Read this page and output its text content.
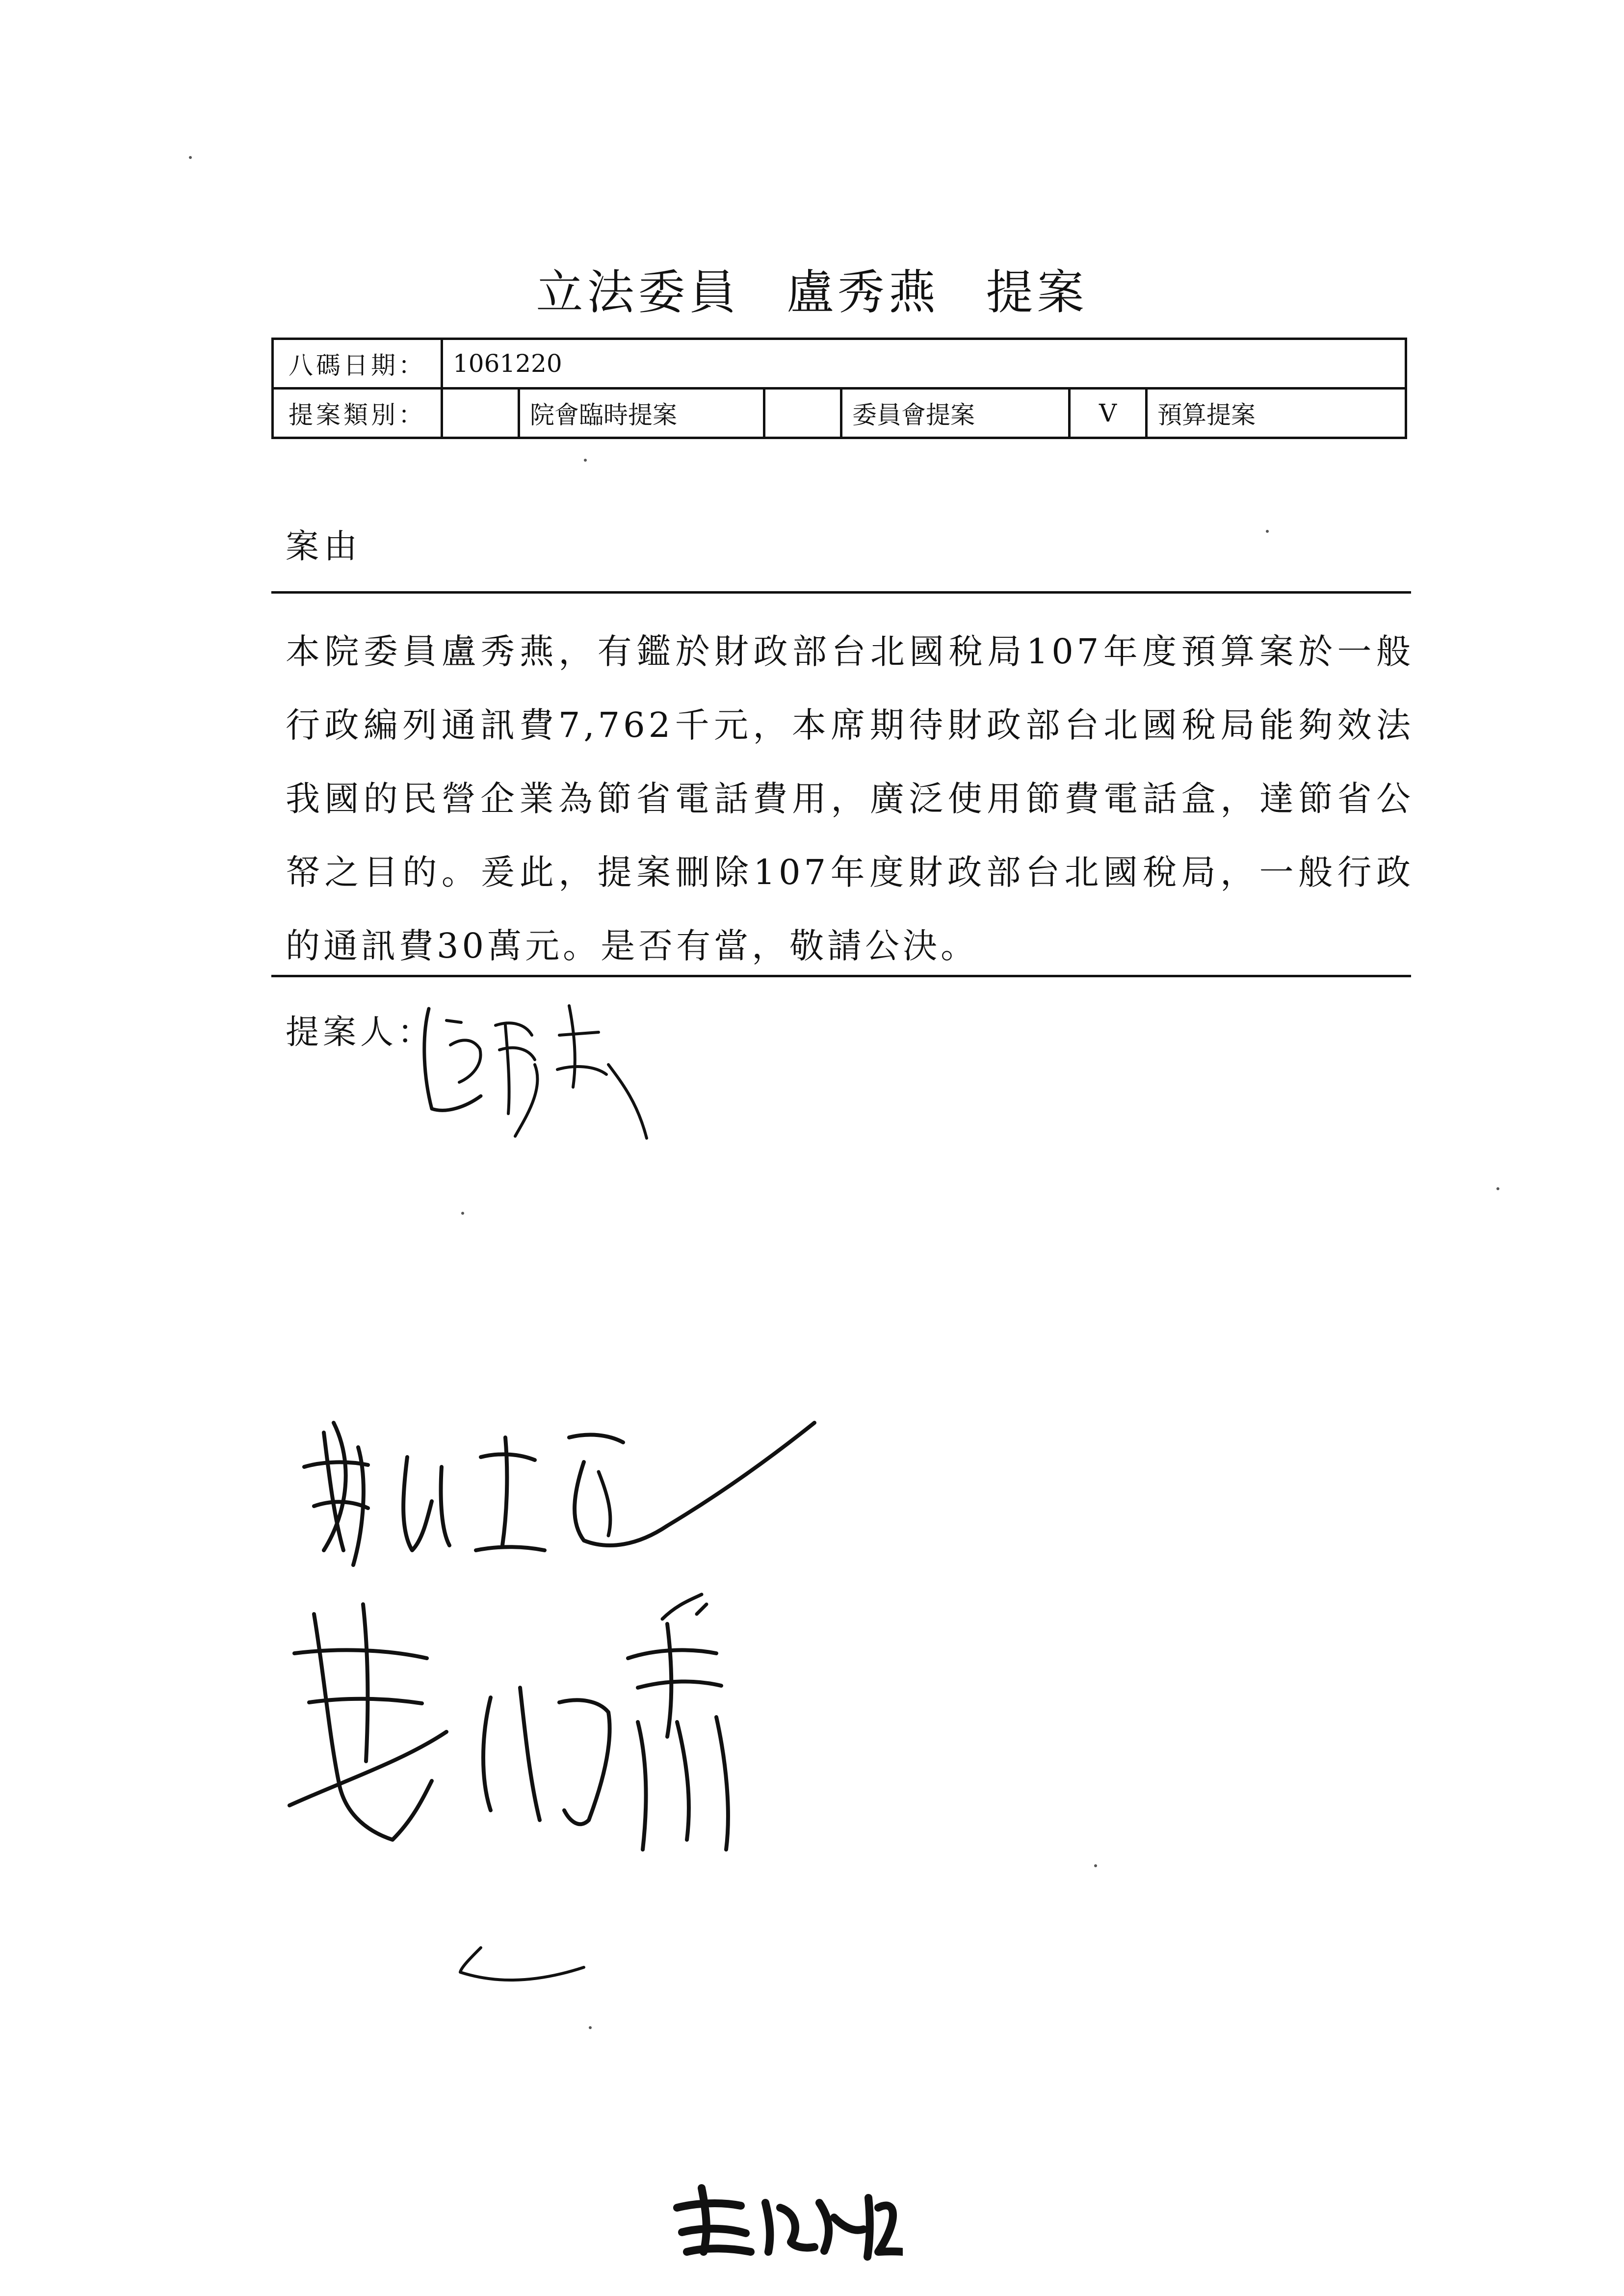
立法委員 盧秀燕 提案
八碼日期：	1061220					
提案類別：		院會臨時提案		委員會提案	V	預算提案
案由
本院委員盧秀燕，有鑑於財政部台北國稅局107年度預算案於一般行政編列通訊費7,762千元，本席期待財政部台北國稅局能夠效法我國的民營企業為節省電話費用，廣泛使用節費電話盒，達節省公帑之目的。爰此，提案刪除107年度財政部台北國稅局，一般行政的通訊費30萬元。是否有當，敬請公決。
提案人：
